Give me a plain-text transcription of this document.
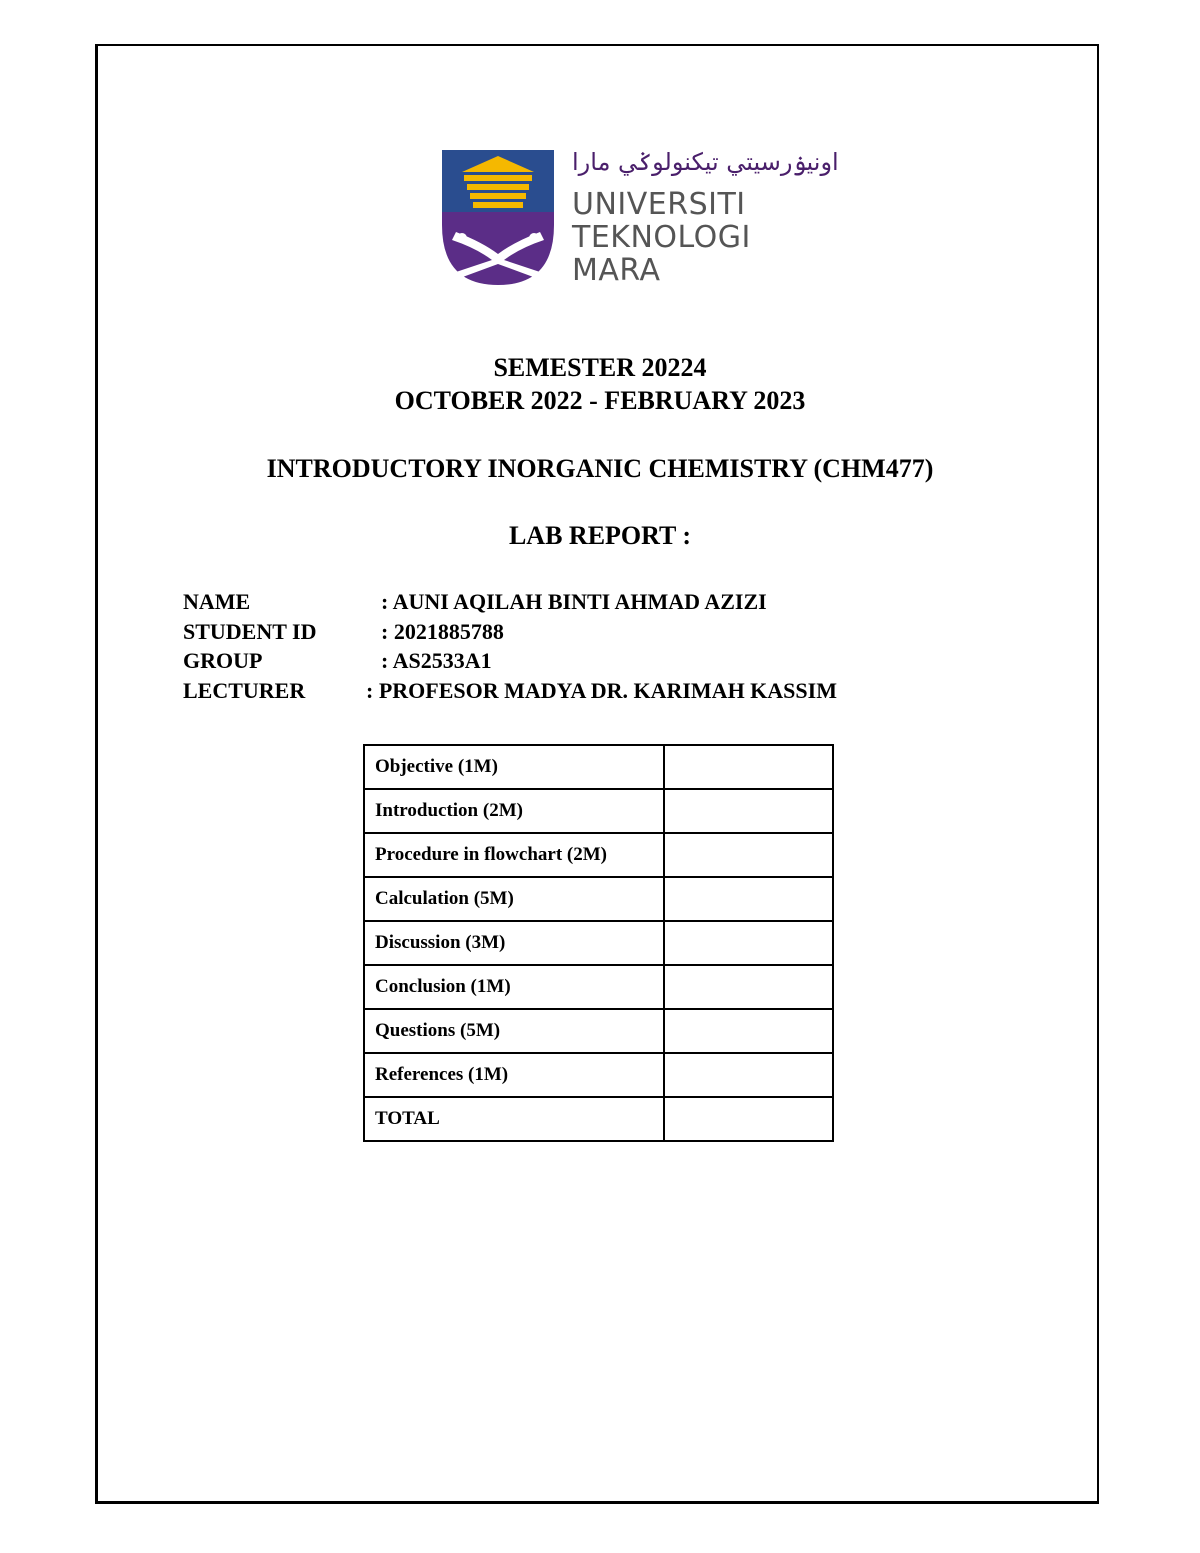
اونيۏرسيتي تيكنولوݢي مارا
UNIVERSITI
TEKNOLOGI
MARA
SEMESTER 20224
OCTOBER 2022 - FEBRUARY 2023
INTRODUCTORY INORGANIC CHEMISTRY (CHM477)
LAB REPORT :
NAME	: AUNI AQILAH BINTI AHMAD AZIZI
STUDENT ID	: 2021885788
GROUP	: AS2533A1
LECTURER	: PROFESOR MADYA DR. KARIMAH KASSIM
Objective (1M)	
Introduction (2M)	
Procedure in flowchart (2M)	
Calculation (5M)	
Discussion (3M)	
Conclusion (1M)	
Questions (5M)	
References (1M)	
TOTAL	
